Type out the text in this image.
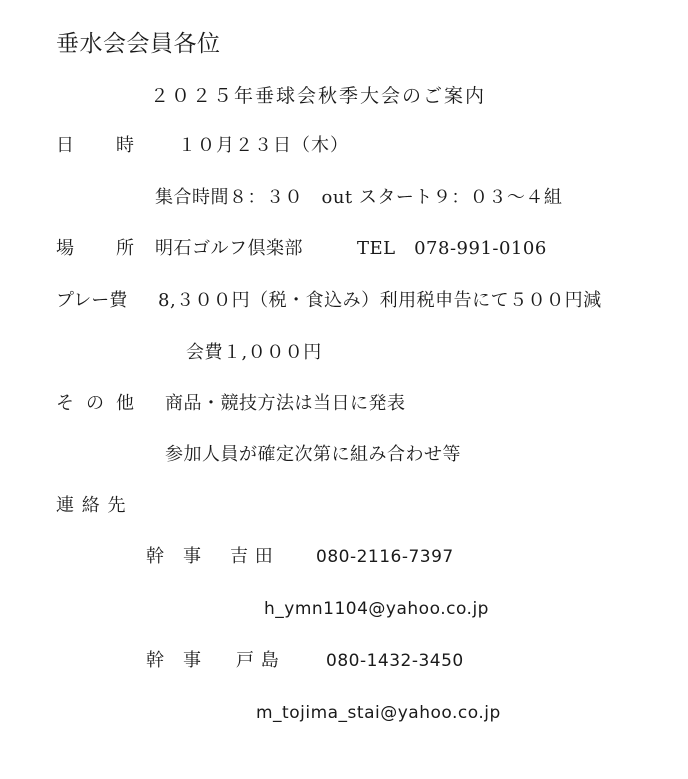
垂水会会員各位
２０２５年垂球会秋季大会のご案内
日 時 １０月２３日（木）
集合時間８：３０　out スタート９：０３～４組
場 所 明石ゴルフ倶楽部	TEL　078-991-0106
プレー費 8,３００円（税・食込み）利用税申告にて５００円減
会費１,０００円
そ の 他 商品・競技方法は当日に発表
参加人員が確定次第に組み合わせ等
連 絡 先
幹　事 吉 田	080-2116-7397
h_ymn1104@yahoo.co.jp
幹　事 戸 島	080-1432-3450
m_tojima_stai@yahoo.co.jp
